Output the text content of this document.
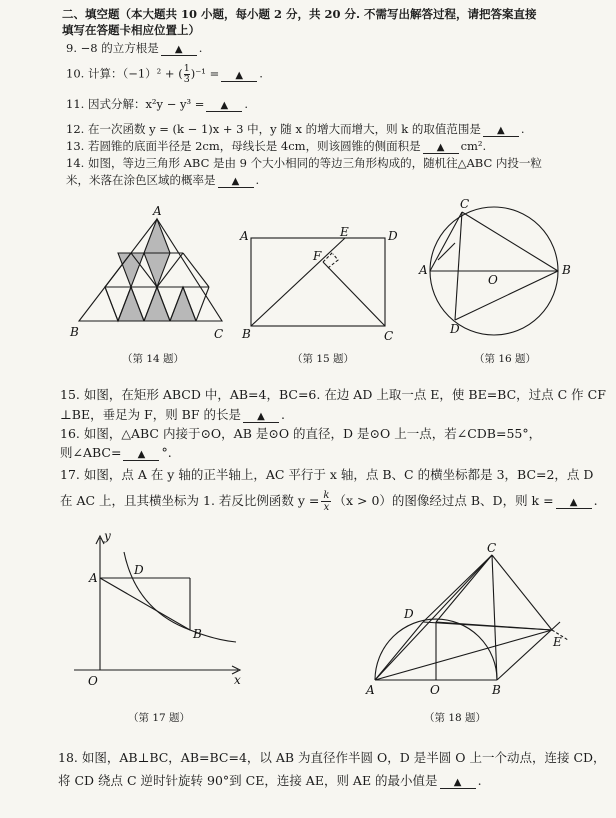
二、填空题（本大题共 10 小题，每小题 2 分，共 20 分. 不需写出解答过程，请把答案直接
填写在答题卡相应位置上）
9. −8 的立方根是 ▲ .
10. 计算：（−1）² + ( $\frac{1}{3} )^{-1}$ = ▲ .
11. 因式分解：x²y − y³ = ▲ .
12. 在一次函数 y = (k − 1)x + 3 中，y 随 x 的增大而增大，则 k 的取值范围是 ▲ .
13. 若圆锥的底面半径是 2cm，母线长是 4cm，则该圆锥的侧面积是 ▲ cm².
14. 如图，等边三角形 ABC 是由 9 个大小相同的等边三角形构成的，随机往△ABC 内投一粒
米，米落在涂色区域的概率是 ▲ .
A
B	C
（第 14 题）
A	E	D
F
B	C
（第 15 题）
C
A
O
B
D
（第 16 题）
15. 如图，在矩形 ABCD 中，AB=4，BC=6. 在边 AD 上取一点 E，使 BE=BC，过点 C 作 CF
⊥BE，垂足为 F，则 BF 的长是 ▲ .
16. 如图，△ABC 内接于⊙O，AB 是⊙O 的直径，D 是⊙O 上一点，若∠CDB=55°，
则∠ABC= ▲ °.
17. 如图，点 A 在 y 轴的正半轴上，AC 平行于 x 轴，点 B、C 的横坐标都是 3，BC=2，点 D
在 AC 上，且其横坐标为 1. 若反比例函数 $y = \frac{k}{x} (x > 0)$的图像经过点 B、D，则 k = ▲ .
y
A
D
B
O	x
（第 17 题）
C
D
E
A	O	B
（第 18 题）
18. 如图，AB⊥BC，AB=BC=4，以 AB 为直径作半圆 O，D 是半圆 O 上一个动点，连接 CD，
将 CD 绕点 C 逆时针旋转 90°到 CE，连接 AE，则 AE 的最小值是 ▲ .
